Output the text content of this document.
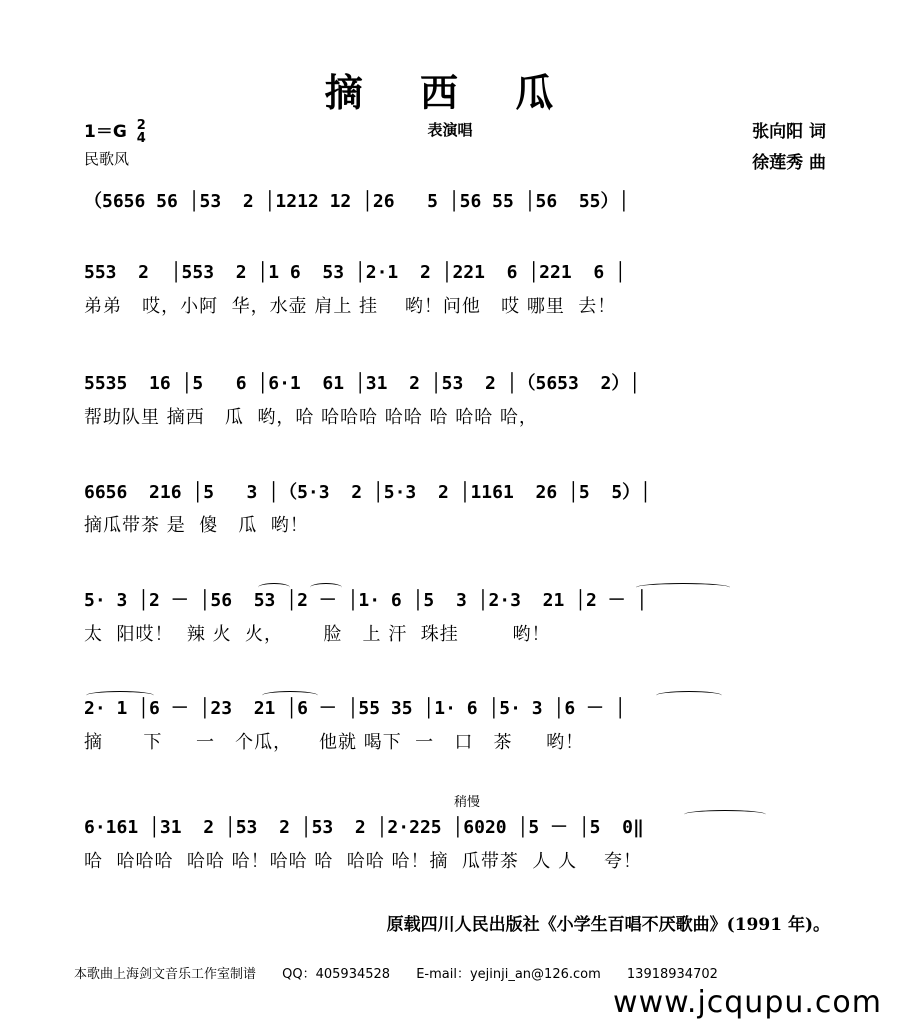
摘 西 瓜
1＝G 2
4
民歌风
表演唱	张向阳 词
徐莲秀 曲
（5656 56 │53  2 │1212 12 │26   5 │56 55 │56  55）│
553  2  │553  2 │1 6  53 │2·1  2 │221  6 │221  6 │
弟弟   哎，小阿  华，水壶 肩上 挂    哟！问他   哎 哪里  去！
5535  16 │5   6 │6·1  61 │31  2 │53  2 │（5653  2）│
帮助队里 摘西   瓜  哟，哈 哈哈哈 哈哈 哈 哈哈 哈，
6656  216 │5   3 │（5·3  2 │5·3  2 │1161  26 │5  5）│
摘瓜带茶 是  傻   瓜  哟！
5· 3 │2 － │56  53 │2 － │1· 6 │5  3 │2·3  21 │2 － │
太  阳哎！  辣 火  火，      脸   上 汗  珠挂        哟！
2· 1 │6 － │23  21 │6 － │55 35 │1· 6 │5· 3 │6 － │
摘      下     一   个瓜，    他就 喝下  一   口   茶     哟！
稍慢
6·161 │31  2 │53  2 │53  2 │2·225 │6020 │5 － │5  0‖
哈  哈哈哈  哈哈 哈！哈哈 哈  哈哈 哈！摘  瓜带茶  人 人    夸！
原载四川人民出版社《小学生百唱不厌歌曲》(1991 年)。
本歌曲上海剑文音乐工作室制谱 QQ：405934528 E-mail：yejinji_an@126.com 13918934702
www.jcqupu.com
